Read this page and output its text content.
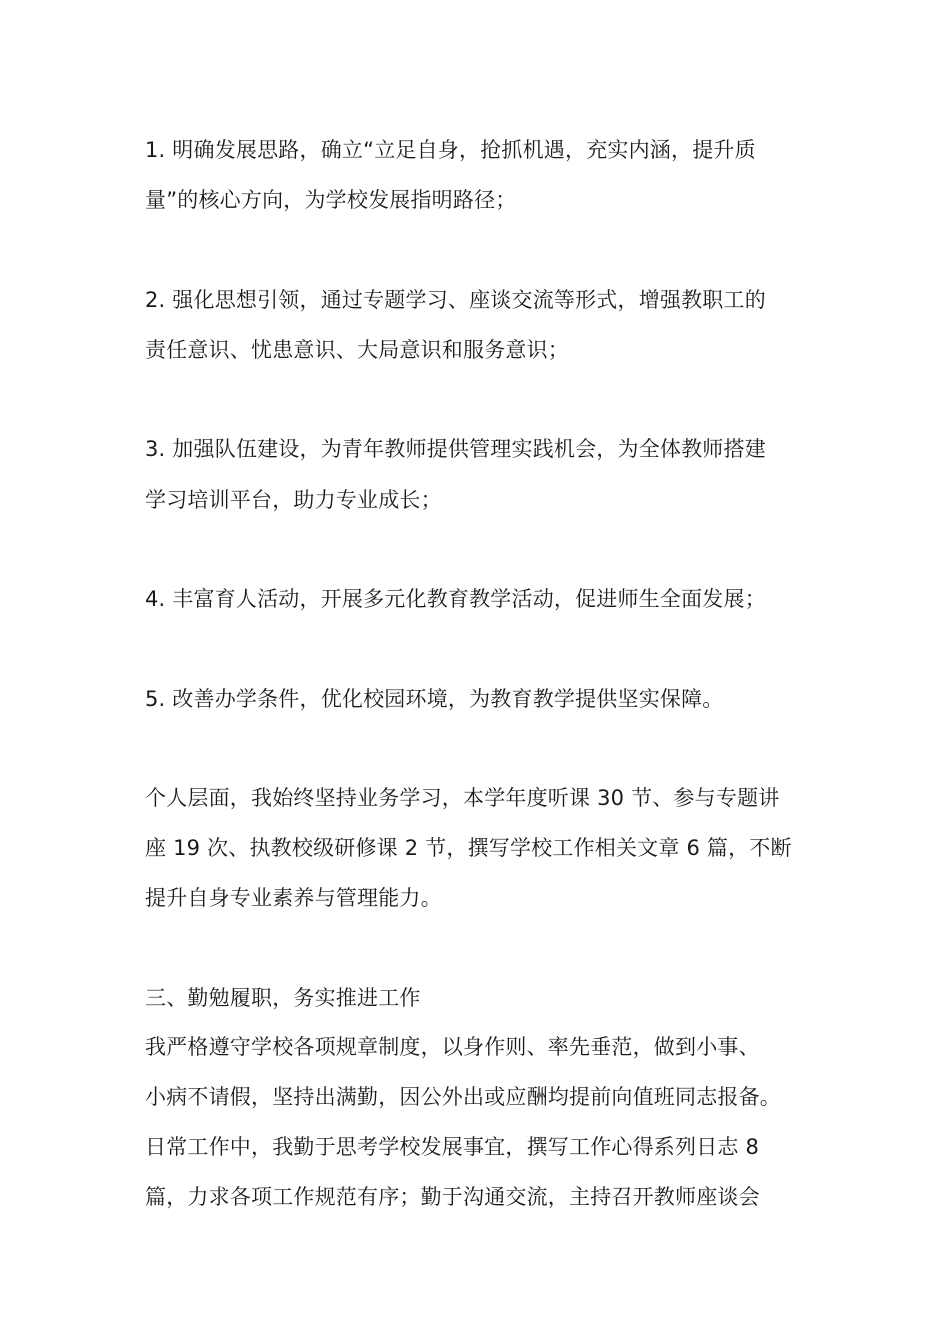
1. 明确发展思路，确立“立足自身，抢抓机遇，充实内涵，提升质
量”的核心方向，为学校发展指明路径；
2. 强化思想引领，通过专题学习、座谈交流等形式，增强教职工的
责任意识、忧患意识、大局意识和服务意识；
3. 加强队伍建设，为青年教师提供管理实践机会，为全体教师搭建
学习培训平台，助力专业成长；
4. 丰富育人活动，开展多元化教育教学活动，促进师生全面发展；
5. 改善办学条件，优化校园环境，为教育教学提供坚实保障。
个人层面，我始终坚持业务学习，本学年度听课 30 节、参与专题讲
座 19 次、执教校级研修课 2 节，撰写学校工作相关文章 6 篇，不断
提升自身专业素养与管理能力。
三、勤勉履职，务实推进工作
我严格遵守学校各项规章制度，以身作则、率先垂范，做到小事、
小病不请假，坚持出满勤，因公外出或应酬均提前向值班同志报备。
日常工作中，我勤于思考学校发展事宜，撰写工作心得系列日志 8
篇，力求各项工作规范有序；勤于沟通交流，主持召开教师座谈会
